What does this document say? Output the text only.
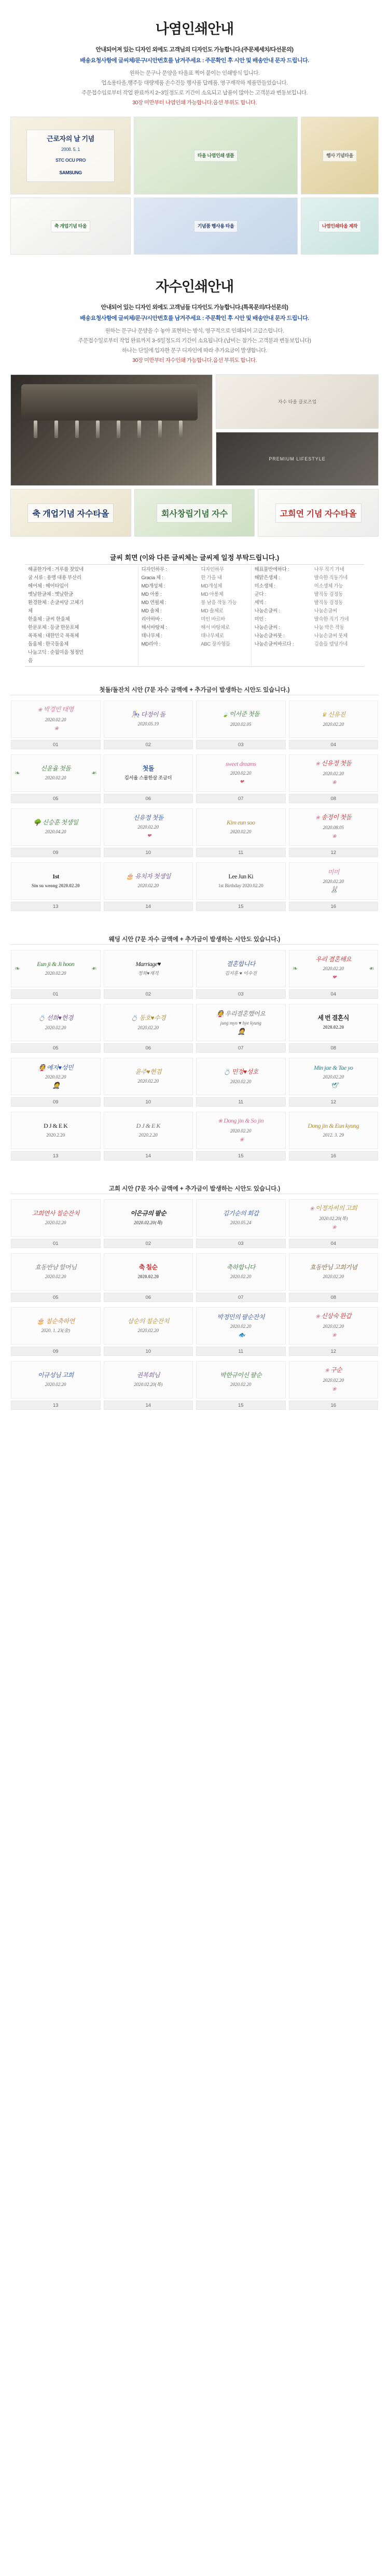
나염인쇄안내

안내되어져 있는 디자인 외에도 고객님의 디자인도 가능합니다.(주문제세치/다선문의)

배송요청사항에 글씨체/문구/시안번호를 남겨주세요 : 주문확인 후 시안 및 배송안내 문자 드립니다.

원하는 문구나 문양을 타올표 찍어 붙이는 인쇄방식 입니다.

업소용타올,행주등 대량제품 손수건등 행사품 답례품, 영구재작하 제품만들었습니다.

주문접수임로부터 작업 완료까지 2~3일정도로 기간이 소요되고 납품이 많아는 고객분과 변동보입니다.

30장 미만부터 나염인쇄 가능합니다.옵션 부위도 합니다.

근로자의 날 기념
2008. 5. 1
STC OCU PRO
SAMSUNG
타올 나염인쇄 샘플	행사 기념타올
축 개업기념 타올	기념품 행사용 타올	나염인쇄타올 제작
자수인쇄안내

안내되어 있는 디자인 외에도 고객님들 디자인도 가능합니다.(특목문의/다선문의)

배송요청사항에 글씨체/문구/시안번호를 남겨주세요 : 주문확인 후 시안 및 배송안내 문자 드립니다.

원하는 문구나 문양을 수 놓아 표현하는 방식, 영구적으로 인쇄되어 고급스럽니다.

주문접수일로부터 작업 완료까지 3~5일정도의 기간이 소요됩니다.(납비는 참가는 고객분과 변동보입니다)

하나는 단일에 입자한 문구 디자인에 따라 추가요금이 발생합니다.

30장 미만부터 자수인쇄 가능합니다.옵션 부위도 합니다.

자수 타올 클로즈업
PREMIUM LIFESTYLE
축 개업기념 자수타올	회사창립기념 자수	고희연 기념 자수타올
글씨 회면 (이와 다른 글씨체는 글씨제 일정 부탁드립니다.)
해골한가에 : 겨루를 찾았네
굴 서류 : 용맹 대용 부산리
헤어체 : 헤어타입이
옛날한글체 : 옛날한글
환경한체 : 손글씨당 고체기체
한울체 : 글씨 한울체
한문포체 : 등글 한문포체
폭폭체 : 대한민국 폭폭체
돌움체 : 한국돌움체
나눔고딕 : 순월미음 청정민음

디자인하무 :	디자인하무
Gracia 체 :	한 가을 내
MD개성체 :	MD개성체
MD 아롱 :	MD 아롱체
MD 연필체 :	봉 남음 작동 가능
MD 솔체 :	MD 솔체로
리아하바 :	미인 바르바
해서바탕체 :	해서 바탕체로
태나무체 :	태나무체로
MD리아 :	ABC 장자형들

해표물반에하다 :	나무 직기 가네
해맑은생체 :	딸숙한 직동가네
미소생체 :	미소생체 가능
군다 :	딸직동 검정동
세빅 :	딸직동 검정동
나눔손글씨 :	나눔손글씨
미인 :	딸숙한 직기 가네
나눔손글씨 :	나눔 박은 작동
나눔손글씨붓 :	나눔손글씨 붓체
나눔손글씨바르다 :	김솔들 델딩가네
첫돌/돌잔치 시안 (7문 자수 금액에 + 추가금이 발생하는 시안도 있습니다.)
❀ 박경빈 태명
2020.02.20
❀
01
🎠 다정이 돌
2020.05.19
02
🍃 이서준 첫돌
2020.02.05
03
♛ 신유진
2020.02.20
04
❧ 신윤율 첫돌
2020.02.20
❧
05
첫돌
김서율 스물한살 조금더
06
sweet dreams
2020.02.20
❤
07
❀ 신유정 첫돌
2020.02.20
❀
08
🌳 신승훈 첫생일
2020.04.20
09
신유정 첫돌
2020.02.20
❤
10
Kim eun soo
2020.02.20
11
❀ 송정이 첫돌
2020.08.05
❀
12
1st
Sin su weong 2020.02.20
13
🎂 유치자 첫생일
2020.02.20
14
Lee Jun Ki
1st Birthday 2020.02.20
15
미미
2020.02.20
🐰
16
웨딩 시안 (7문 자수 금액에 + 추가금이 발생하는 시안도 있습니다.)
❧ Eun ji & Ji hoon
2020.02.20
❧
01
Marriage♥
정희♥재직
02
결혼합니다
김지훈 ♥ 이수진
03
❧ 우리 결혼해요
2020.02.20
❤
❧
04
💍 선희♥현경
2020.02.20
05
💍 동호♥수경
2020.02.20
06
👰 우리결혼했어요
jung myn ♥ hye kyung
🤵
07
세 번 결혼식
2020.02.20
08
👰 예지♥성민
2020.02.20
🤵
09
윤주♥현겸
2020.02.20
10
💍 민정♥성호
2020.02.20
11
Min jae & Tae yo
2020.02.20
🕊
12
D J & E K
2020.2.20
13
D J & E K
2020.2.20
14
❀ Dong jin & So jin
2020.02.20
❀
15
Dong jin & Eun kyung
2012. 3. 29
16
고희 시안 (7문 자수 금액에 + 추가금이 발생하는 시안도 있습니다.)
고희연사 칠순잔치
2020.02.20
01
이은규의 팔순
2020.02.20(목)
02
김기순의 회갑
2020.05.24
03
❀ 이정자씨의 고희
2020.02.20(목)
❀
04
효동반남 할머님
2020.02.20
05
축 칠순
2020.02.20
06
축하합니다
2020.02.20
07
효동반님 고희기념
2020.02.20
08
🎂 칠순축하연
2020. 1. 23(金)
09
삼순의 칠순잔치
2020.02.20
10
박정민의 팔순잔치
2020.02.20
🐟
11
❀ 신상숙 환갑
2020.02.20
❀
12
이규성님 고희
2020.02.20
13
권복희님
2020.02.20(목)
14
박한규이신 팔순
2020.02.20
15
❀ 구순
2020.02.20
❀
16
